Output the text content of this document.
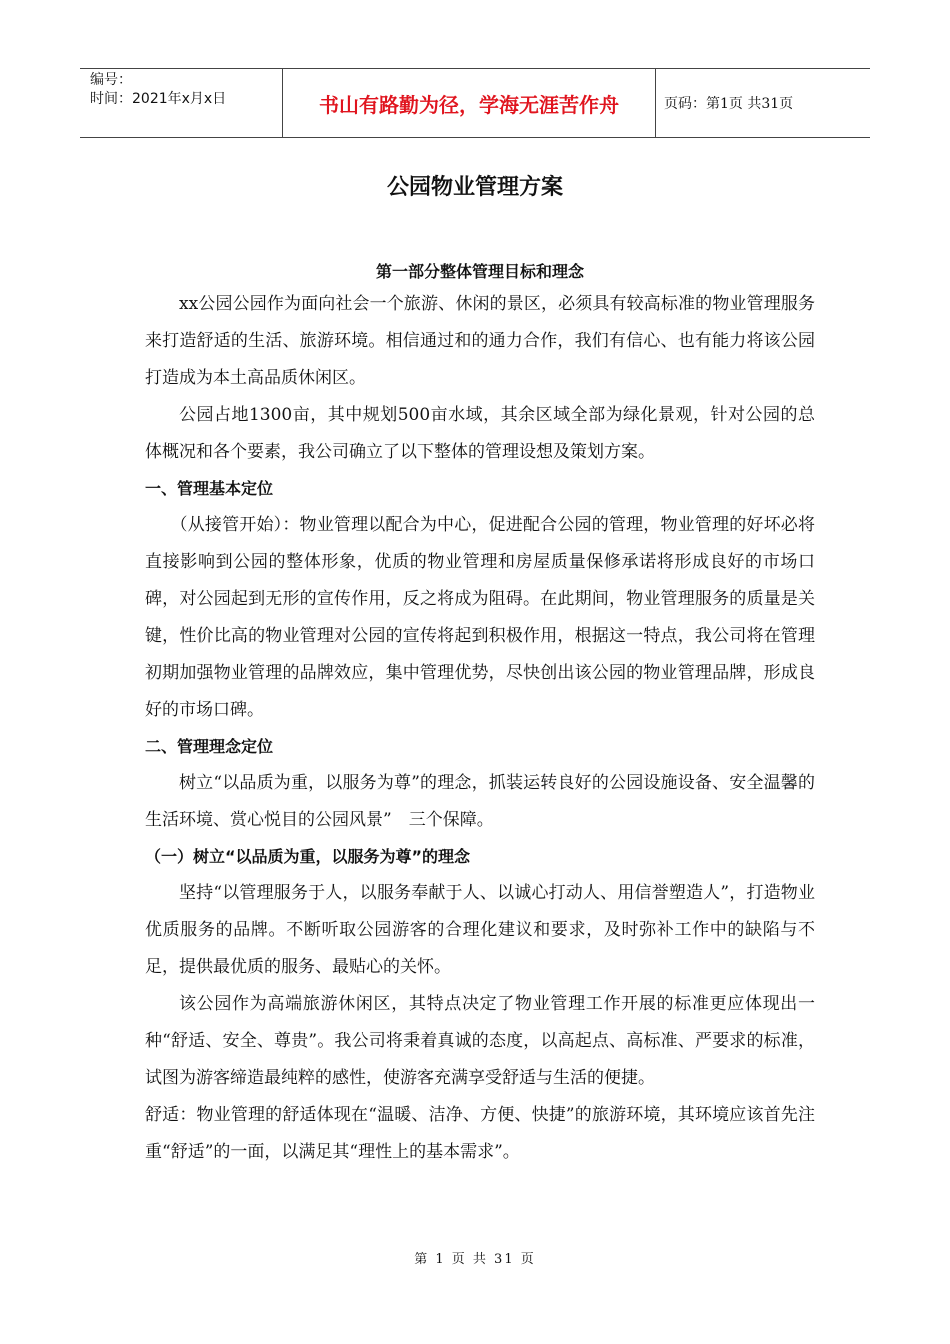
编号：
时间：2021年x月x日	书山有路勤为径，学海无涯苦作舟	页码：第1页 共31页
公园物业管理方案

第一部分整体管理目标和理念

xx公园公园作为面向社会一个旅游、休闲的景区，必须具有较高标准的物业管理服务来打造舒适的生活、旅游环境。相信通过和的通力合作，我们有信心、也有能力将该公园打造成为本土高品质休闲区。

公园占地1300亩，其中规划500亩水域，其余区域全部为绿化景观，针对公园的总体概况和各个要素，我公司确立了以下整体的管理设想及策划方案。

一、管理基本定位

（从接管开始）：物业管理以配合为中心，促进配合公园的管理，物业管理的好坏必将直接影响到公园的整体形象，优质的物业管理和房屋质量保修承诺将形成良好的市场口碑，对公园起到无形的宣传作用，反之将成为阻碍。在此期间，物业管理服务的质量是关键，性价比高的物业管理对公园的宣传将起到积极作用，根据这一特点，我公司将在管理初期加强物业管理的品牌效应，集中管理优势，尽快创出该公园的物业管理品牌，形成良好的市场口碑。

二、管理理念定位

树立“以品质为重，以服务为尊”的理念，抓装运转良好的公园设施设备、安全温馨的生活环境、赏心悦目的公园风景”　三个保障。

（一）树立“以品质为重，以服务为尊”的理念

坚持“以管理服务于人，以服务奉献于人、以诚心打动人、用信誉塑造人”，打造物业优质服务的品牌。不断听取公园游客的合理化建议和要求，及时弥补工作中的缺陷与不足，提供最优质的服务、最贴心的关怀。

该公园作为高端旅游休闲区，其特点决定了物业管理工作开展的标准更应体现出一种“舒适、安全、尊贵”。我公司将秉着真诚的态度，以高起点、高标准、严要求的标准，试图为游客缔造最纯粹的感性，使游客充满享受舒适与生活的便捷。

舒适：物业管理的舒适体现在“温暖、洁净、方便、快捷”的旅游环境，其环境应该首先注重“舒适”的一面，以满足其“理性上的基本需求”。

第 1 页 共 31 页
